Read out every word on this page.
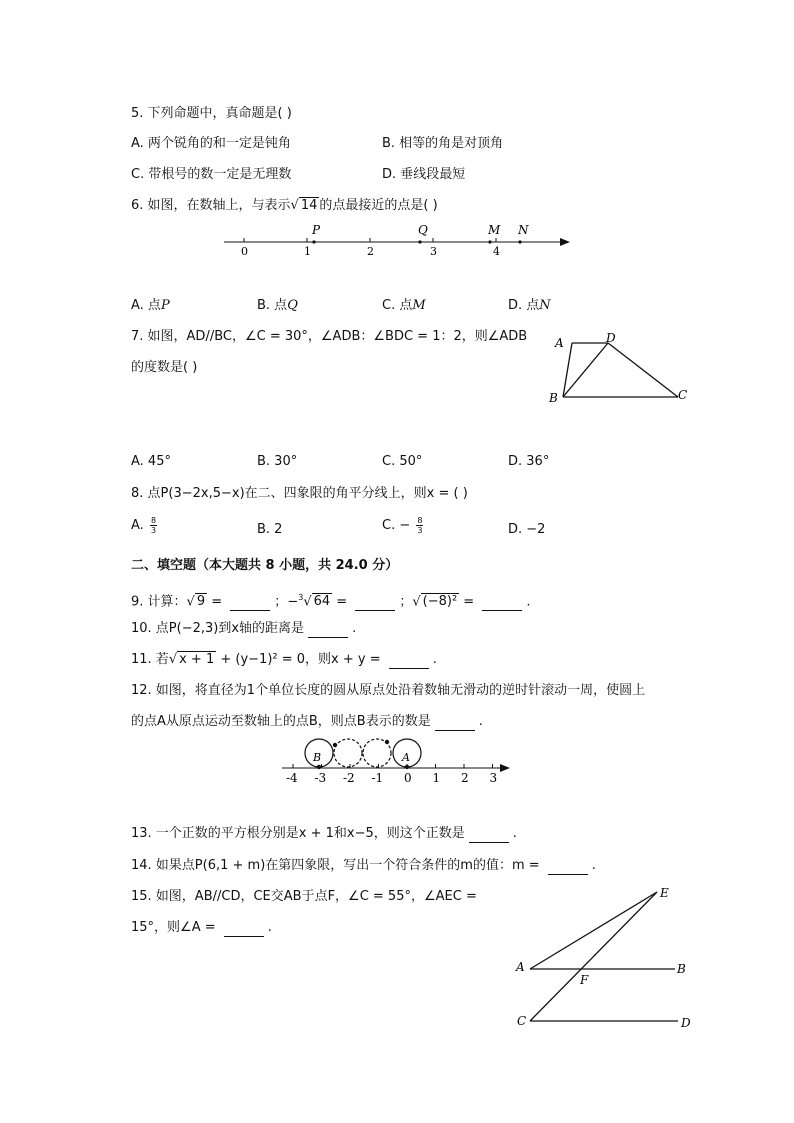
5. 下列命题中，真命题是( )
A. 两个锐角的和一定是钝角	B. 相等的角是对顶角
C. 带根号的数一定是无理数	D. 垂线段最短
6. 如图，在数轴上，与表示√ 14 的点最接近的点是( )
0	1	2	3	4
P	Q	M N
A. 点P	B. 点Q	C. 点M	D. 点N
7. 如图，AD//BC，∠C = 30°，∠ADB：∠BDC = 1：2，则∠ADB
的度数是( )
A	D
B	C
A. 45°	B. 30°	C. 50°	D. 36°
8. 点P(3−2x,5−x)在二、四象限的角平分线上，则x = ( )
A. $\frac{8}{3}$	B. 2	C. − $\frac{8}{3}$	D. −2
二、填空题（本大题共 8 小题，共 24.0 分）
9. 计算：√ 9 =	；−$^3$√ 64 =	；√ (−8)² =	.
10. 点P(−2,3)到x轴的距离是	.
11. 若√ x + 1 + (y−1)² = 0，则x + y =	.
12. 如图，将直径为1个单位长度的圆从原点处沿着数轴无滑动的逆时针滚动一周，使圆上
的点A从原点运动至数轴上的点B，则点B表示的数是	.
-4 -3 -2 -1 0 1 2 3
B	A
13. 一个正数的平方根分别是x + 1和x−5，则这个正数是	.
14. 如果点P(6,1 + m)在第四象限，写出一个符合条件的m的值：m =	.
15. 如图，AB//CD，CE交AB于点F，∠C = 55°，∠AEC =
15°，则∠A =	.
E
A
F
B
C	D
